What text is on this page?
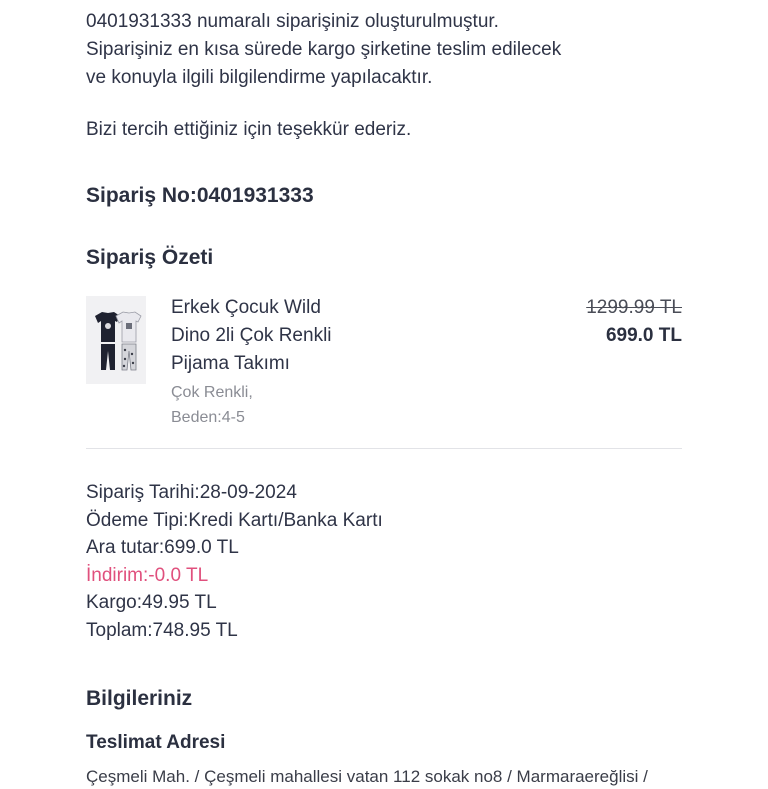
0401931333 numaralı siparişiniz oluşturulmuştur.

Siparişiniz en kısa sürede kargo şirketine teslim edilecek

ve konuyla ilgili bilgilendirme yapılacaktır.

Bizi tercih ettiğiniz için teşekkür ederiz.
Sipariş No:0401931333
Sipariş Özeti
Erkek Çocuk Wild
Dino 2li Çok Renkli
Pijama Takımı
Çok Renkli,
Beden:4-5
1299.99 TL
699.0 TL
Sipariş Tarihi:28-09-2024
Ödeme Tipi:Kredi Kartı/Banka Kartı
Ara tutar:699.0 TL
İndirim:-0.0 TL
Kargo:49.95 TL
Toplam:748.95 TL
Bilgileriniz
Teslimat Adresi
Çeşmeli Mah. / Çeşmeli mahallesi vatan 112 sokak no8 / Marmaraereğlisi /
